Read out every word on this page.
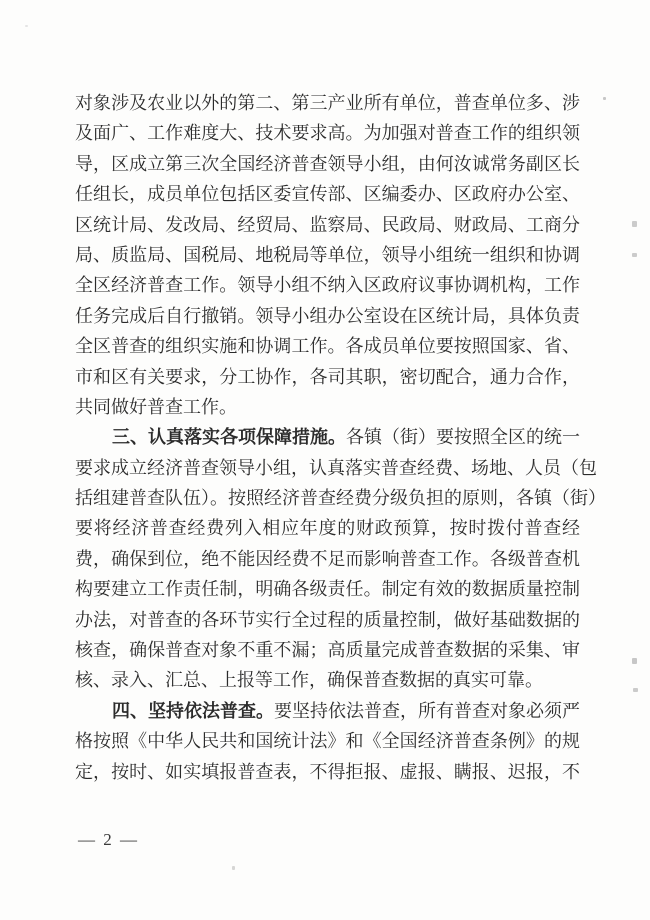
对象涉及农业以外的第二、第三产业所有单位，普查单位多、涉
及面广、工作难度大、技术要求高。为加强对普查工作的组织领
导，区成立第三次全国经济普查领导小组，由何汝诚常务副区长
任组长，成员单位包括区委宣传部、区编委办、区政府办公室、
区统计局、发改局、经贸局、监察局、民政局、财政局、工商分
局、质监局、国税局、地税局等单位，领导小组统一组织和协调
全区经济普查工作。领导小组不纳入区政府议事协调机构，工作
任务完成后自行撤销。领导小组办公室设在区统计局，具体负责
全区普查的组织实施和协调工作。各成员单位要按照国家、省、
市和区有关要求，分工协作，各司其职，密切配合，通力合作，
共同做好普查工作。
三、认真落实各项保障措施。各镇（街）要按照全区的统一
要求成立经济普查领导小组，认真落实普查经费、场地、人员（包
括组建普查队伍）。按照经济普查经费分级负担的原则，各镇（街）
要将经济普查经费列入相应年度的财政预算，按时拨付普查经
费，确保到位，绝不能因经费不足而影响普查工作。各级普查机
构要建立工作责任制，明确各级责任。制定有效的数据质量控制
办法，对普查的各环节实行全过程的质量控制，做好基础数据的
核查，确保普查对象不重不漏；高质量完成普查数据的采集、审
核、录入、汇总、上报等工作，确保普查数据的真实可靠。
四、坚持依法普查。要坚持依法普查，所有普查对象必须严
格按照《中华人民共和国统计法》和《全国经济普查条例》的规
定，按时、如实填报普查表，不得拒报、虚报、瞒报、迟报，不
— 2 —
